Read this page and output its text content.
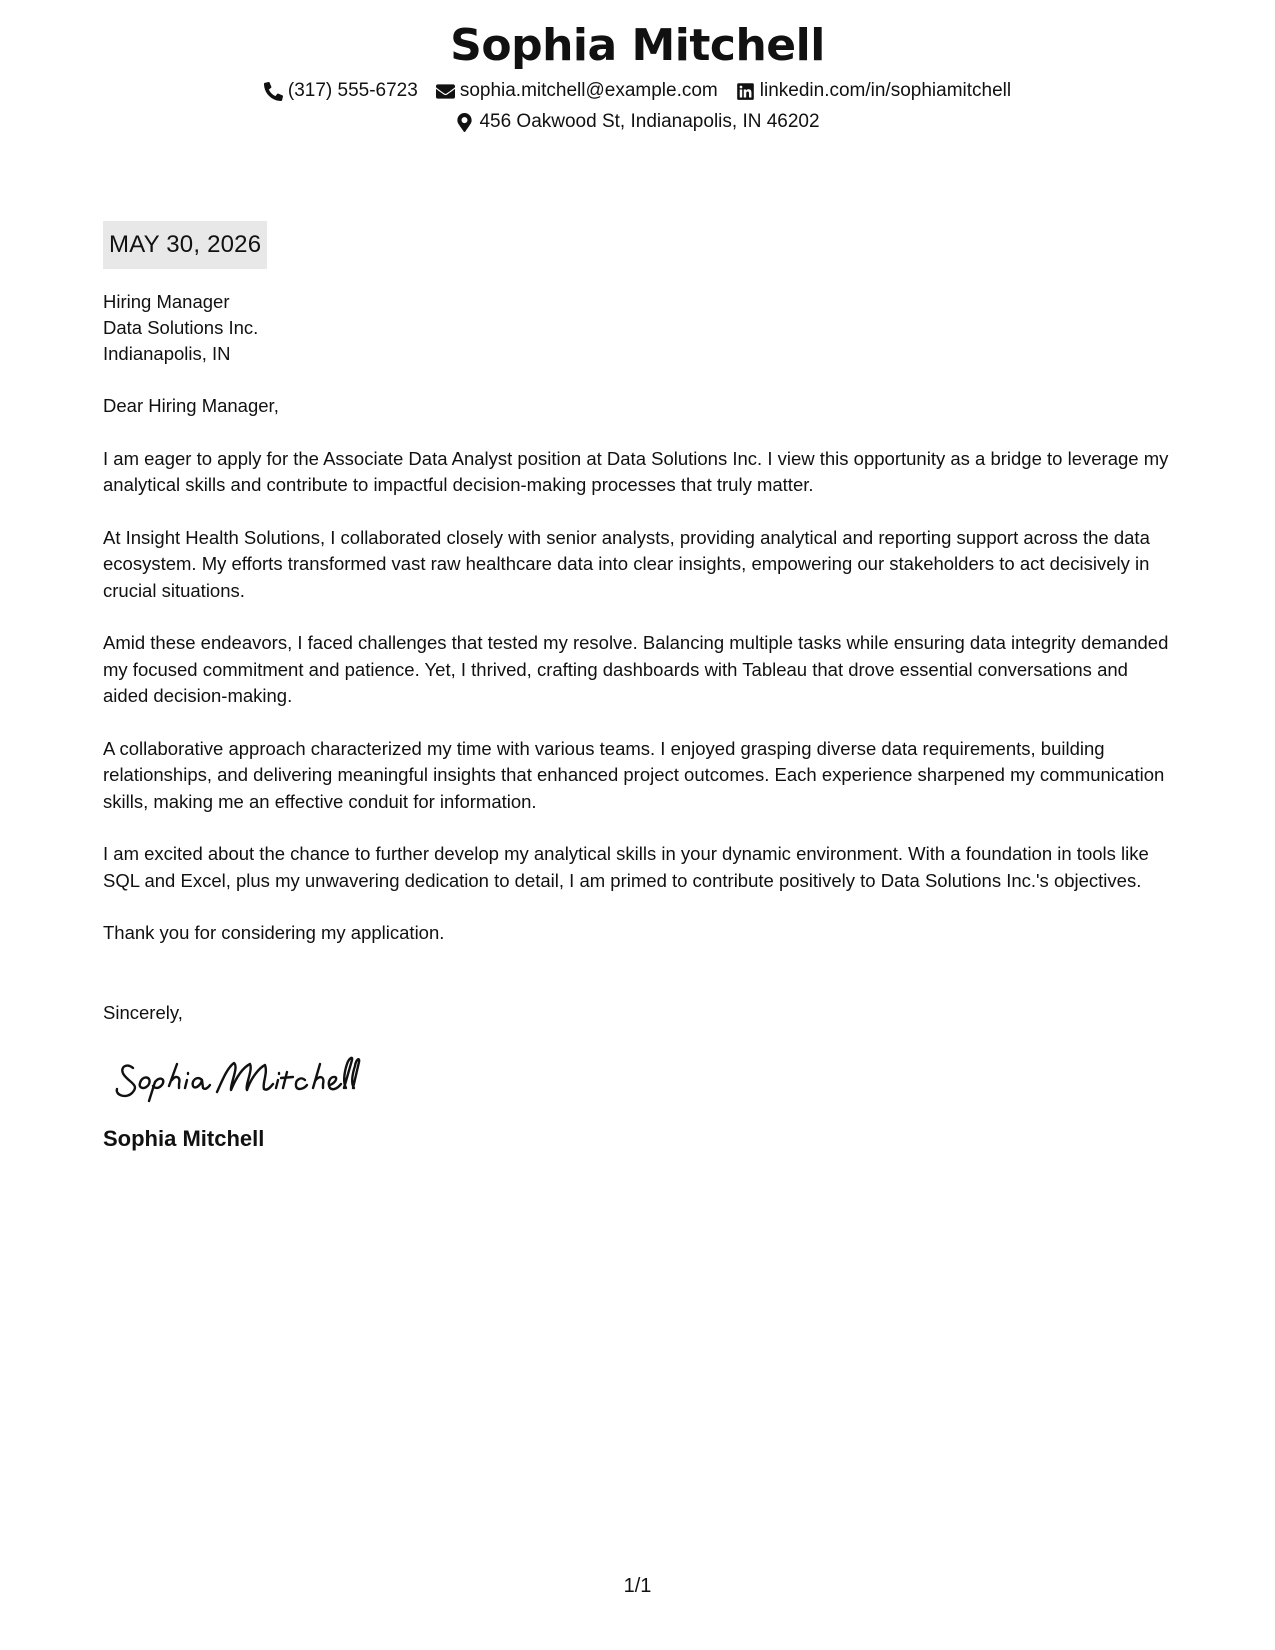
Sophia Mitchell
(317) 555-6723 sophia.mitchell@example.com linkedin.com/in/sophiamitchell
456 Oakwood St, Indianapolis, IN 46202
MAY 30, 2026
Hiring Manager
Data Solutions Inc.
Indianapolis, IN
Dear Hiring Manager,
I am eager to apply for the Associate Data Analyst position at Data Solutions Inc. I view this opportunity as a bridge to leverage my analytical skills and contribute to impactful decision-making processes that truly matter.
At Insight Health Solutions, I collaborated closely with senior analysts, providing analytical and reporting support across the data ecosystem. My efforts transformed vast raw healthcare data into clear insights, empowering our stakeholders to act decisively in crucial situations.
Amid these endeavors, I faced challenges that tested my resolve. Balancing multiple tasks while ensuring data integrity demanded my focused commitment and patience. Yet, I thrived, crafting dashboards with Tableau that drove essential conversations and aided decision-making.
A collaborative approach characterized my time with various teams. I enjoyed grasping diverse data requirements, building relationships, and delivering meaningful insights that enhanced project outcomes. Each experience sharpened my communication skills, making me an effective conduit for information.
I am excited about the chance to further develop my analytical skills in your dynamic environment. With a foundation in tools like SQL and Excel, plus my unwavering dedication to detail, I am primed to contribute positively to Data Solutions Inc.'s objectives.
Thank you for considering my application.
Sincerely,
Sophia Mitchell
1/1
